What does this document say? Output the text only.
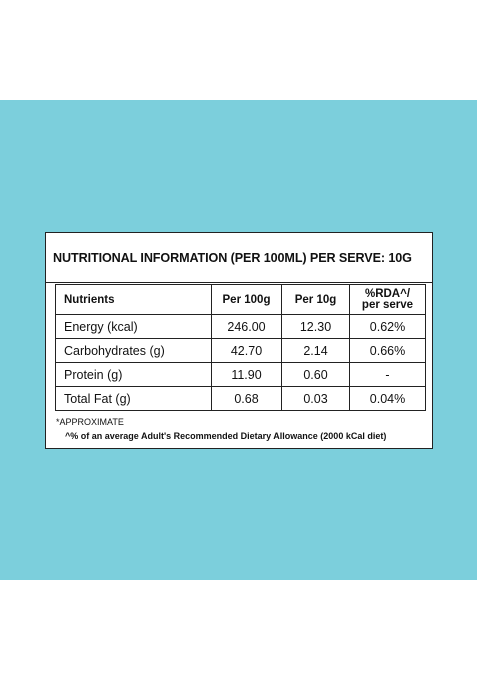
NUTRITIONAL INFORMATION (PER 100ML) PER SERVE: 10G
Nutrients	Per 100g	Per 10g	%RDA^/
per serve
Energy (kcal)	246.00	12.30	0.62%
Carbohydrates (g)	42.70	2.14	0.66%
Protein (g)	11.90	0.60	-
Total Fat (g)	0.68	0.03	0.04%
*APPROXIMATE
^% of an average Adult's Recommended Dietary Allowance (2000 kCal diet)
